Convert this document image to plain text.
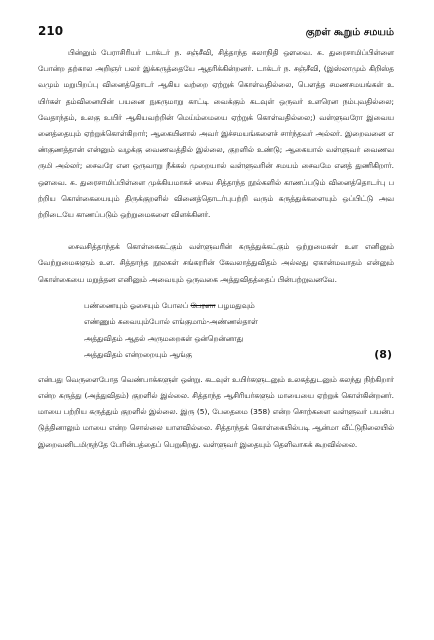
210	குறள் கூறும் சமயம்

பின்னும் பேராசிரியர் டாக்டர் ந. சஞ்சீவி, சித்தாந்த கலாநிதி ஔவை. சு. துரைசாமிப்பிள்ளை போன்ற தற்கால அறிஞர் பலர் இக்கருத்தையே ஆதரிக்கின்றனர். டாக்டர் ந. சஞ்சீவி, (இஸ்லாமும் கிறிஸ்தவமும் மறுபிறப்பு வினைத்தொடர் ஆகிய வற்றை ஏற்றுக் கொள்வதில்லை, பௌத்த சமணசமயங்கள் உயிர்கள் தம்வினையின் பயனை நுகருமாறு காட்டி வைக்கும் கடவுள் ஒருவர் உளரென நம்புவதில்லை; வேதாந்தம், உலகு உயிர் ஆகியவற்றின் மெய்ம்மையை ஏற்றுக் கொள்வதில்லை;) வள்ளுவரோ இவையனைத்தையும் ஏற்றுக்கொள்கிறார்; ஆகையினால் அவர் இச்சமயங்களைச் சார்ந்தவர் அல்லர். இறைவனை எண்குணத்தான் என்னும் வழக்கு வைணவத்தில் இல்லை, குறளில் உண்டு; ஆகையால் வள்ளுவர் வைணவருமி அல்லர்; சைவரே என ஒருவாறு நீக்கல் முறையால் வள்ளுவரின் சமயம் சைவமே எனத் துணிகிறார். ஔவை. சு. துரைசாமிப்பிள்ளை முக்கியமாகச் சைவ சித்தாந்த நூல்களில் காணப்படும் வினைத்தொடர்பு பற்றிய கொள்கையையும் திருக்குறளில் வினைத்தொடர்புபற்றி வரும் கருத்துக்களையும் ஒப்பிட்டு அவற்றிடையே காணப்படும் ஒற்றுமைகளை விளக்கினர்.

சைவசித்தாந்தக் கொள்கைகட்கும் வள்ளுவரின் கருத்துக்கட்கும் ஒற்றுமைகள் உள எனினும் வேற்றுமைகளும் உள. சித்தாந்த நூலகள் சங்கரரின் கேவலாத்துவிதம் அல்லது ஏகான்மவாதம் என்னும் கொள்கையை மறுத்தன எனினும் அவையும் ஒருவகை அத்துவிதத்தைப் பின்பற்றுவனவே.

பண்ணையும் ஓசையும் போலப் பேரளா பழமதுவும்
எண்ணும் சுவையும்போல் எங்குமாம்-அண்ணல்தாள்
அத்துவிதம் ஆதல் அருமறைகள் ஒன்றென்னாது
அத்துவிதம் என்றறையும் ஆங்கு	(8)

என்பது வெருளைபோத வெண்பாக்களுள் ஒன்று. கடவுள் உயிர்களுடனும் உலகத்துடனும் கலந்து நிற்கிறார் என்ற கருத்து (அத்துவிதம்) குறளில் இல்லை. சித்தாந்த ஆசிரியர்களும் மாயையை ஏற்றுக் கொள்கின்றனர். மாயை பற்றிய கருத்தும் குறளில் இல்லை. இரு (5), பேதைமை (358) என்ற சொற்களை வள்ளுவர் பயன்படுத்தினாலும் மாயை என்ற சொல்லை யாளவில்லை. சித்தாந்தக் கொள்கையில்படி ஆன்மா வீட்டுநிலையில் இறைவனிடமிருந்தே பேரின்பத்தைப் பெறுகிறது. வள்ளுவர் இதையும் தெளிவாகக் கூறவில்லை.
